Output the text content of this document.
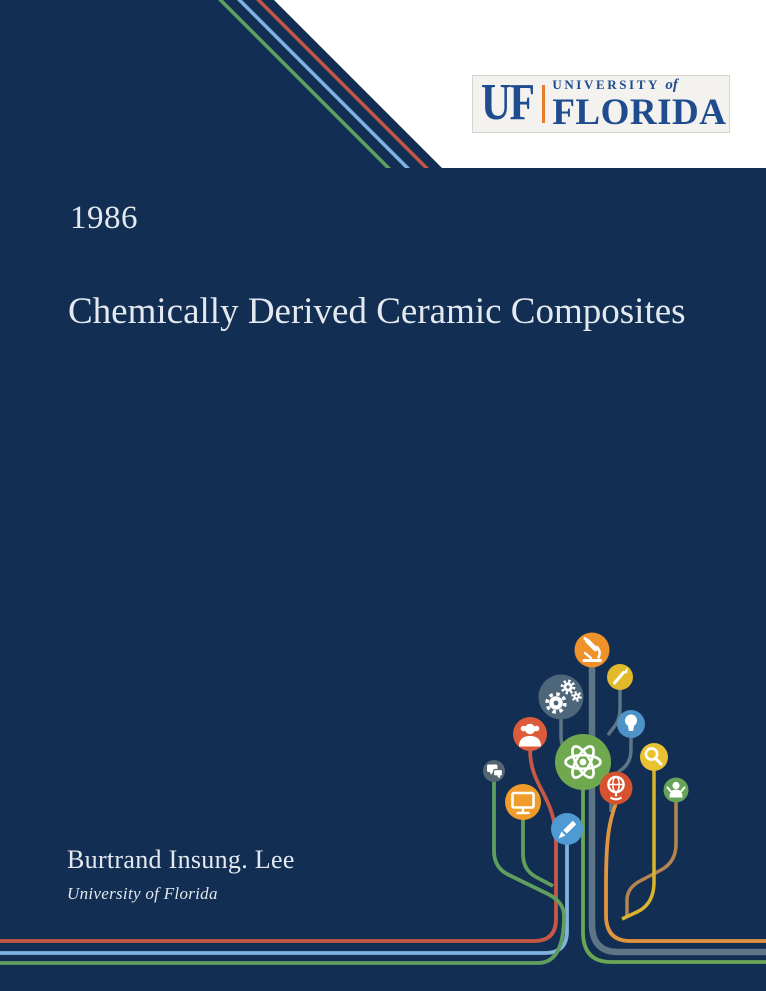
UF UNIVERSITY of
FLORIDA
1986
Chemically Derived Ceramic Composites
Burtrand Insung. Lee
University of Florida
